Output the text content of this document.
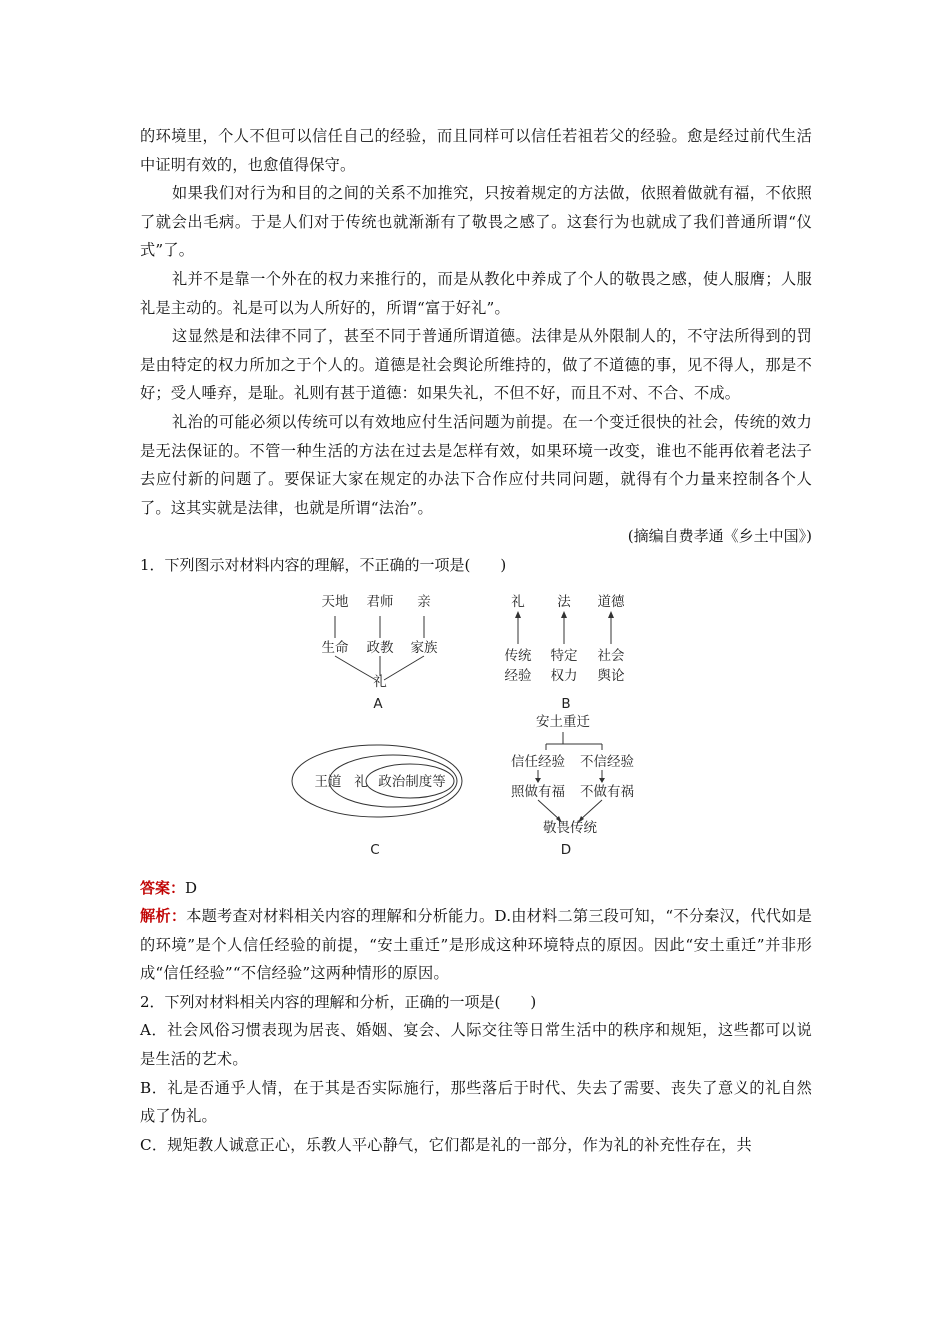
的环境里，个人不但可以信任自己的经验，而且同样可以信任若祖若父的经验。愈是经过前代生活中证明有效的，也愈值得保守。

如果我们对行为和目的之间的关系不加推究，只按着规定的方法做，依照着做就有福，不依照了就会出毛病。于是人们对于传统也就渐渐有了敬畏之感了。这套行为也就成了我们普通所谓“仪式”了。

礼并不是靠一个外在的权力来推行的，而是从教化中养成了个人的敬畏之感，使人服膺；人服礼是主动的。礼是可以为人所好的，所谓“富于好礼”。

这显然是和法律不同了，甚至不同于普通所谓道德。法律是从外限制人的，不守法所得到的罚是由特定的权力所加之于个人的。道德是社会舆论所维持的，做了不道德的事，见不得人，那是不好；受人唾弃，是耻。礼则有甚于道德：如果失礼，不但不好，而且不对、不合、不成。

礼治的可能必须以传统可以有效地应付生活问题为前提。在一个变迁很快的社会，传统的效力是无法保证的。不管一种生活的方法在过去是怎样有效，如果环境一改变，谁也不能再依着老法子去应付新的问题了。要保证大家在规定的办法下合作应付共同问题，就得有个力量来控制各个人了。这其实就是法律，也就是所谓“法治”。

(摘编自费孝通《乡土中国》)

1．下列图示对材料内容的理解，不正确的一项是(　　)

天地 君师 亲
生命 政教 家族
礼
A
礼 法 道德
传统
经验
特定
权力
社会
舆论
B
王道 礼 政治制度等
C
安土重迁
信任经验 不信经验
照做有福 不做有祸
敬畏传统
D

答案：D

解析：本题考查对材料相关内容的理解和分析能力。D.由材料二第三段可知，“不分秦汉，代代如是的环境”是个人信任经验的前提，“安土重迁”是形成这种环境特点的原因。因此“安土重迁”并非形成“信任经验”“不信经验”这两种情形的原因。

2．下列对材料相关内容的理解和分析，正确的一项是(　　)

A．社会风俗习惯表现为居丧、婚姻、宴会、人际交往等日常生活中的秩序和规矩，这些都可以说是生活的艺术。

B．礼是否通乎人情，在于其是否实际施行，那些落后于时代、失去了需要、丧失了意义的礼自然成了伪礼。

C．规矩教人诚意正心，乐教人平心静气，它们都是礼的一部分，作为礼的补充性存在，共
